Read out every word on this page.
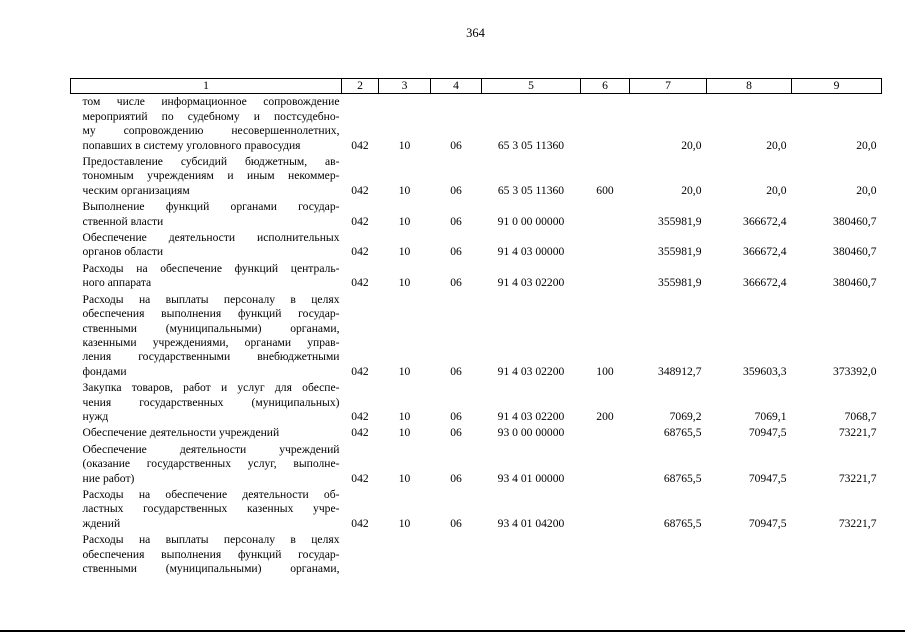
364
1	2	3	4	5	6	7	8	9

том числе информационное сопровождение
мероприятий по судебному и постсудебно-
му сопровождению несовершеннолетних,
попавших в систему уголовного правосудия	042	10	06	65 3 05 11360		20,0	20,0	20,0

Предоставление субсидий бюджетным, ав-
тономным учреждениям и иным некоммер-
ческим организациям	042	10	06	65 3 05 11360	600	20,0	20,0	20,0

Выполнение функций органами государ-
ственной власти	042	10	06	91 0 00 00000		355981,9	366672,4	380460,7

Обеспечение деятельности исполнительных
органов области	042	10	06	91 4 03 00000		355981,9	366672,4	380460,7

Расходы на обеспечение функций централь-
ного аппарата	042	10	06	91 4 03 02200		355981,9	366672,4	380460,7

Расходы на выплаты персоналу в целях
обеспечения выполнения функций государ-
ственными (муниципальными) органами,
казенными учреждениями, органами управ-
ления государственными внебюджетными
фондами	042	10	06	91 4 03 02200	100	348912,7	359603,3	373392,0

Закупка товаров, работ и услуг для обеспе-
чения государственных (муниципальных)
нужд	042	10	06	91 4 03 02200	200	7069,2	7069,1	7068,7

Обеспечение деятельности учреждений	042	10	06	93 0 00 00000		68765,5	70947,5	73221,7

Обеспечение деятельности учреждений
(оказание государственных услуг, выполне-
ние работ)	042	10	06	93 4 01 00000		68765,5	70947,5	73221,7

Расходы на обеспечение деятельности об-
ластных государственных казенных учре-
ждений	042	10	06	93 4 01 04200		68765,5	70947,5	73221,7

Расходы на выплаты персоналу в целях
обеспечения выполнения функций государ-
ственными (муниципальными) органами,								
